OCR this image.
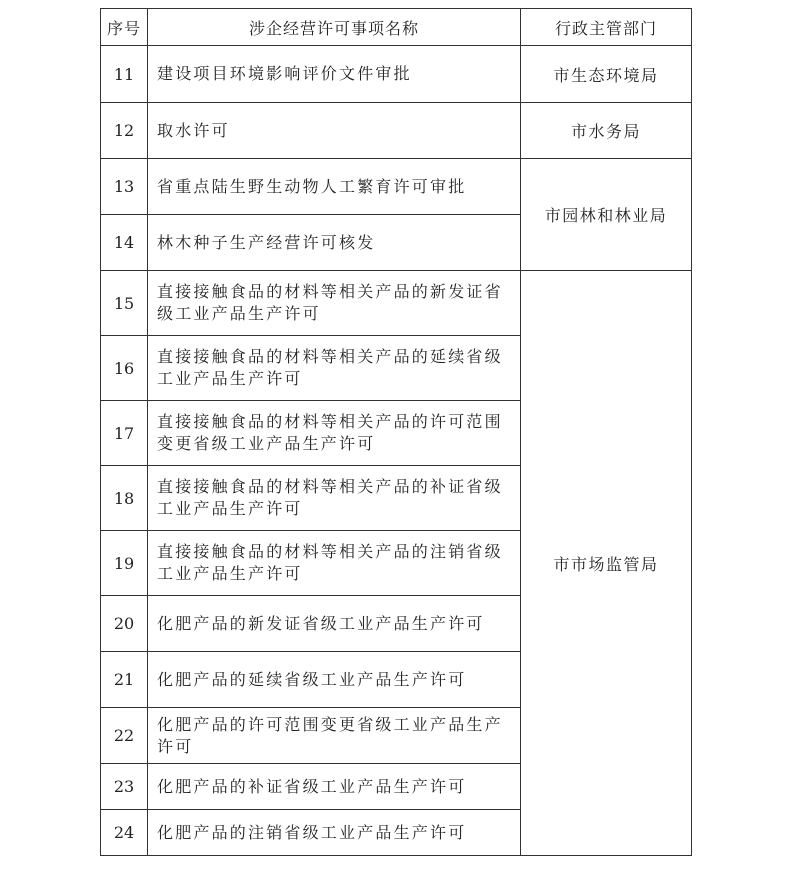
序号	涉企经营许可事项名称	行政主管部门
11	建设项目环境影响评价文件审批	市生态环境局
12	取水许可	市水务局
13	省重点陆生野生动物人工繁育许可审批	市园林和林业局
14	林木种子生产经营许可核发	
15	直接接触食品的材料等相关产品的新发证省级工业产品生产许可	市市场监管局
16	直接接触食品的材料等相关产品的延续省级工业产品生产许可	
17	直接接触食品的材料等相关产品的许可范围变更省级工业产品生产许可	
18	直接接触食品的材料等相关产品的补证省级工业产品生产许可	
19	直接接触食品的材料等相关产品的注销省级工业产品生产许可	
20	化肥产品的新发证省级工业产品生产许可	
21	化肥产品的延续省级工业产品生产许可	
22	化肥产品的许可范围变更省级工业产品生产许可	
23	化肥产品的补证省级工业产品生产许可	
24	化肥产品的注销省级工业产品生产许可	
